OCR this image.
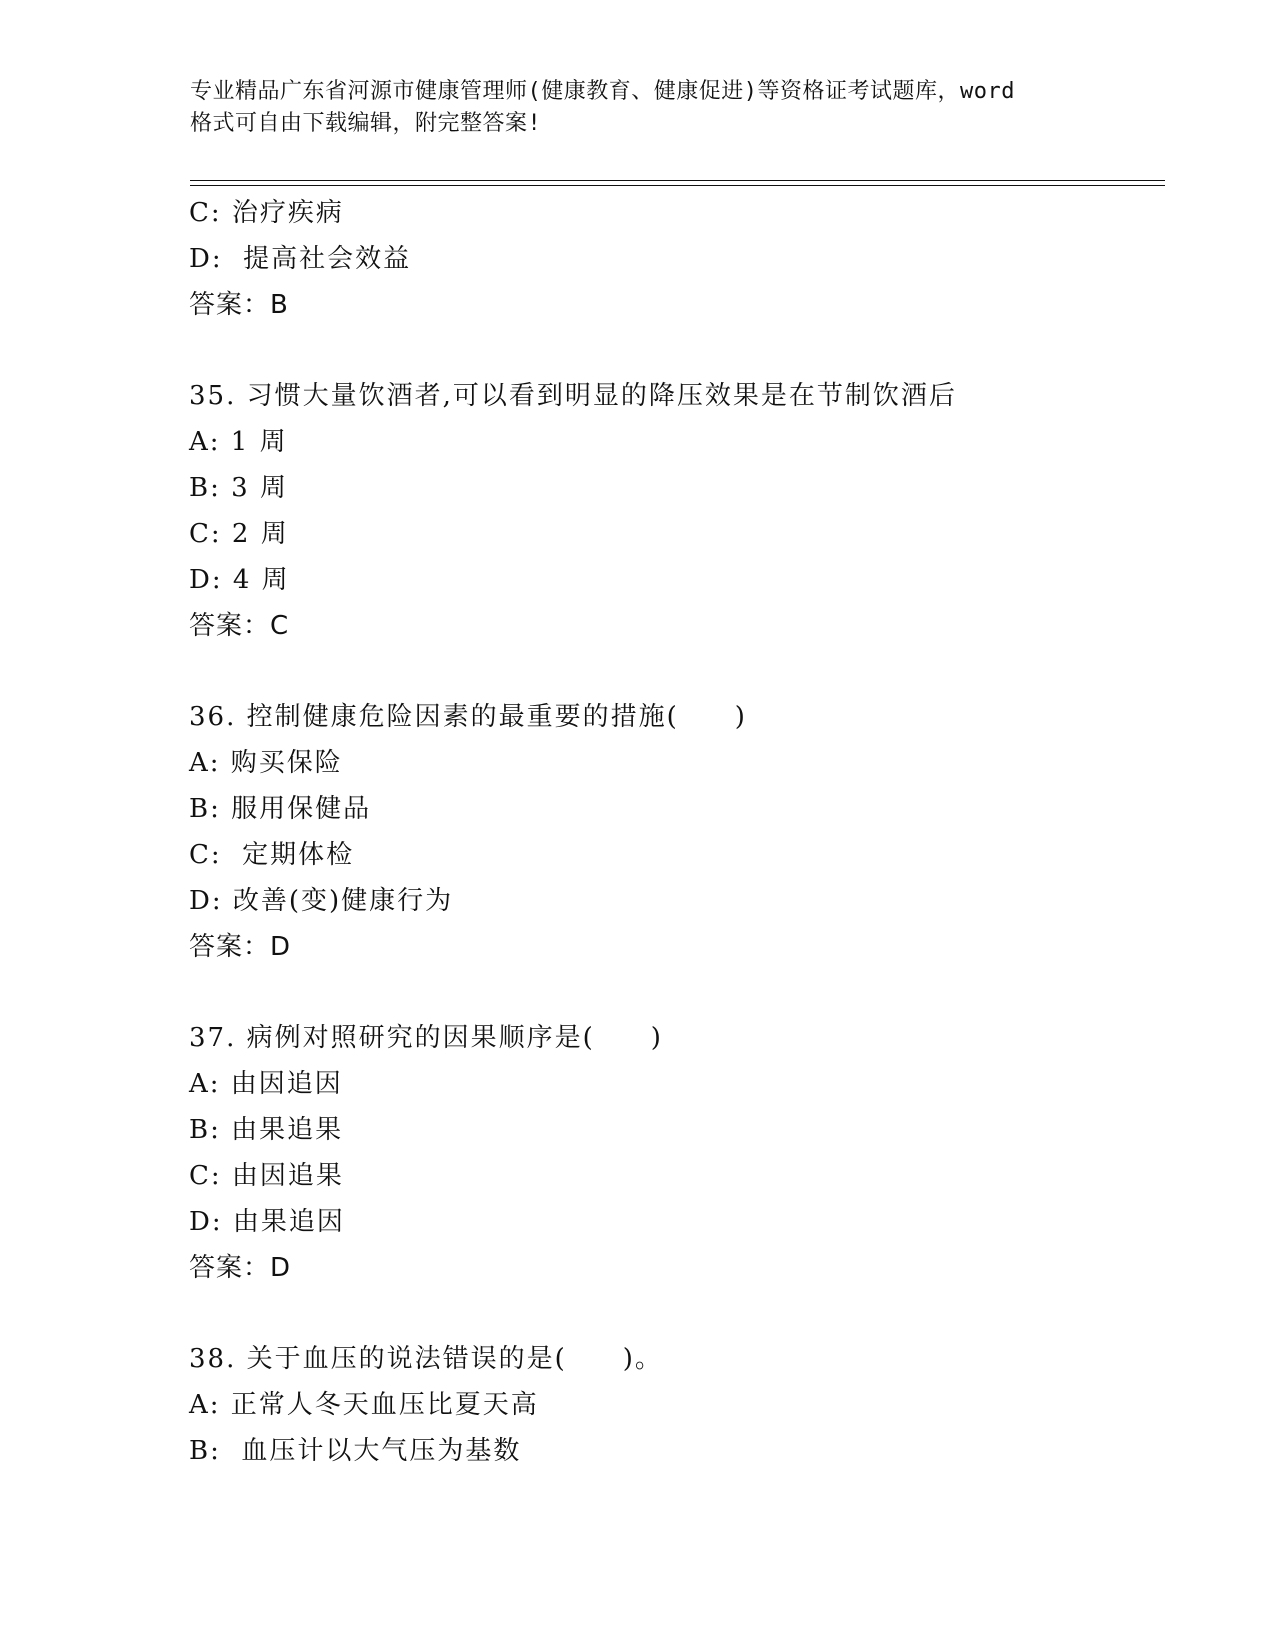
专业精品广东省河源市健康管理师(健康教育、健康促进)等资格证考试题库，word
格式可自由下载编辑，附完整答案!
C: 治疗疾病
D:  提高社会效益
答案：B
35. 习惯大量饮酒者,可以看到明显的降压效果是在节制饮酒后
A: 1 周
B: 3 周
C: 2 周
D: 4 周
答案：C
36. 控制健康危险因素的最重要的措施(　　)
A: 购买保险
B: 服用保健品
C:  定期体检
D: 改善(变)健康行为
答案：D
37. 病例对照研究的因果顺序是(　　)
A: 由因追因
B: 由果追果
C: 由因追果
D: 由果追因
答案：D
38. 关于血压的说法错误的是(　　)。
A: 正常人冬天血压比夏天高
B:  血压计以大气压为基数
